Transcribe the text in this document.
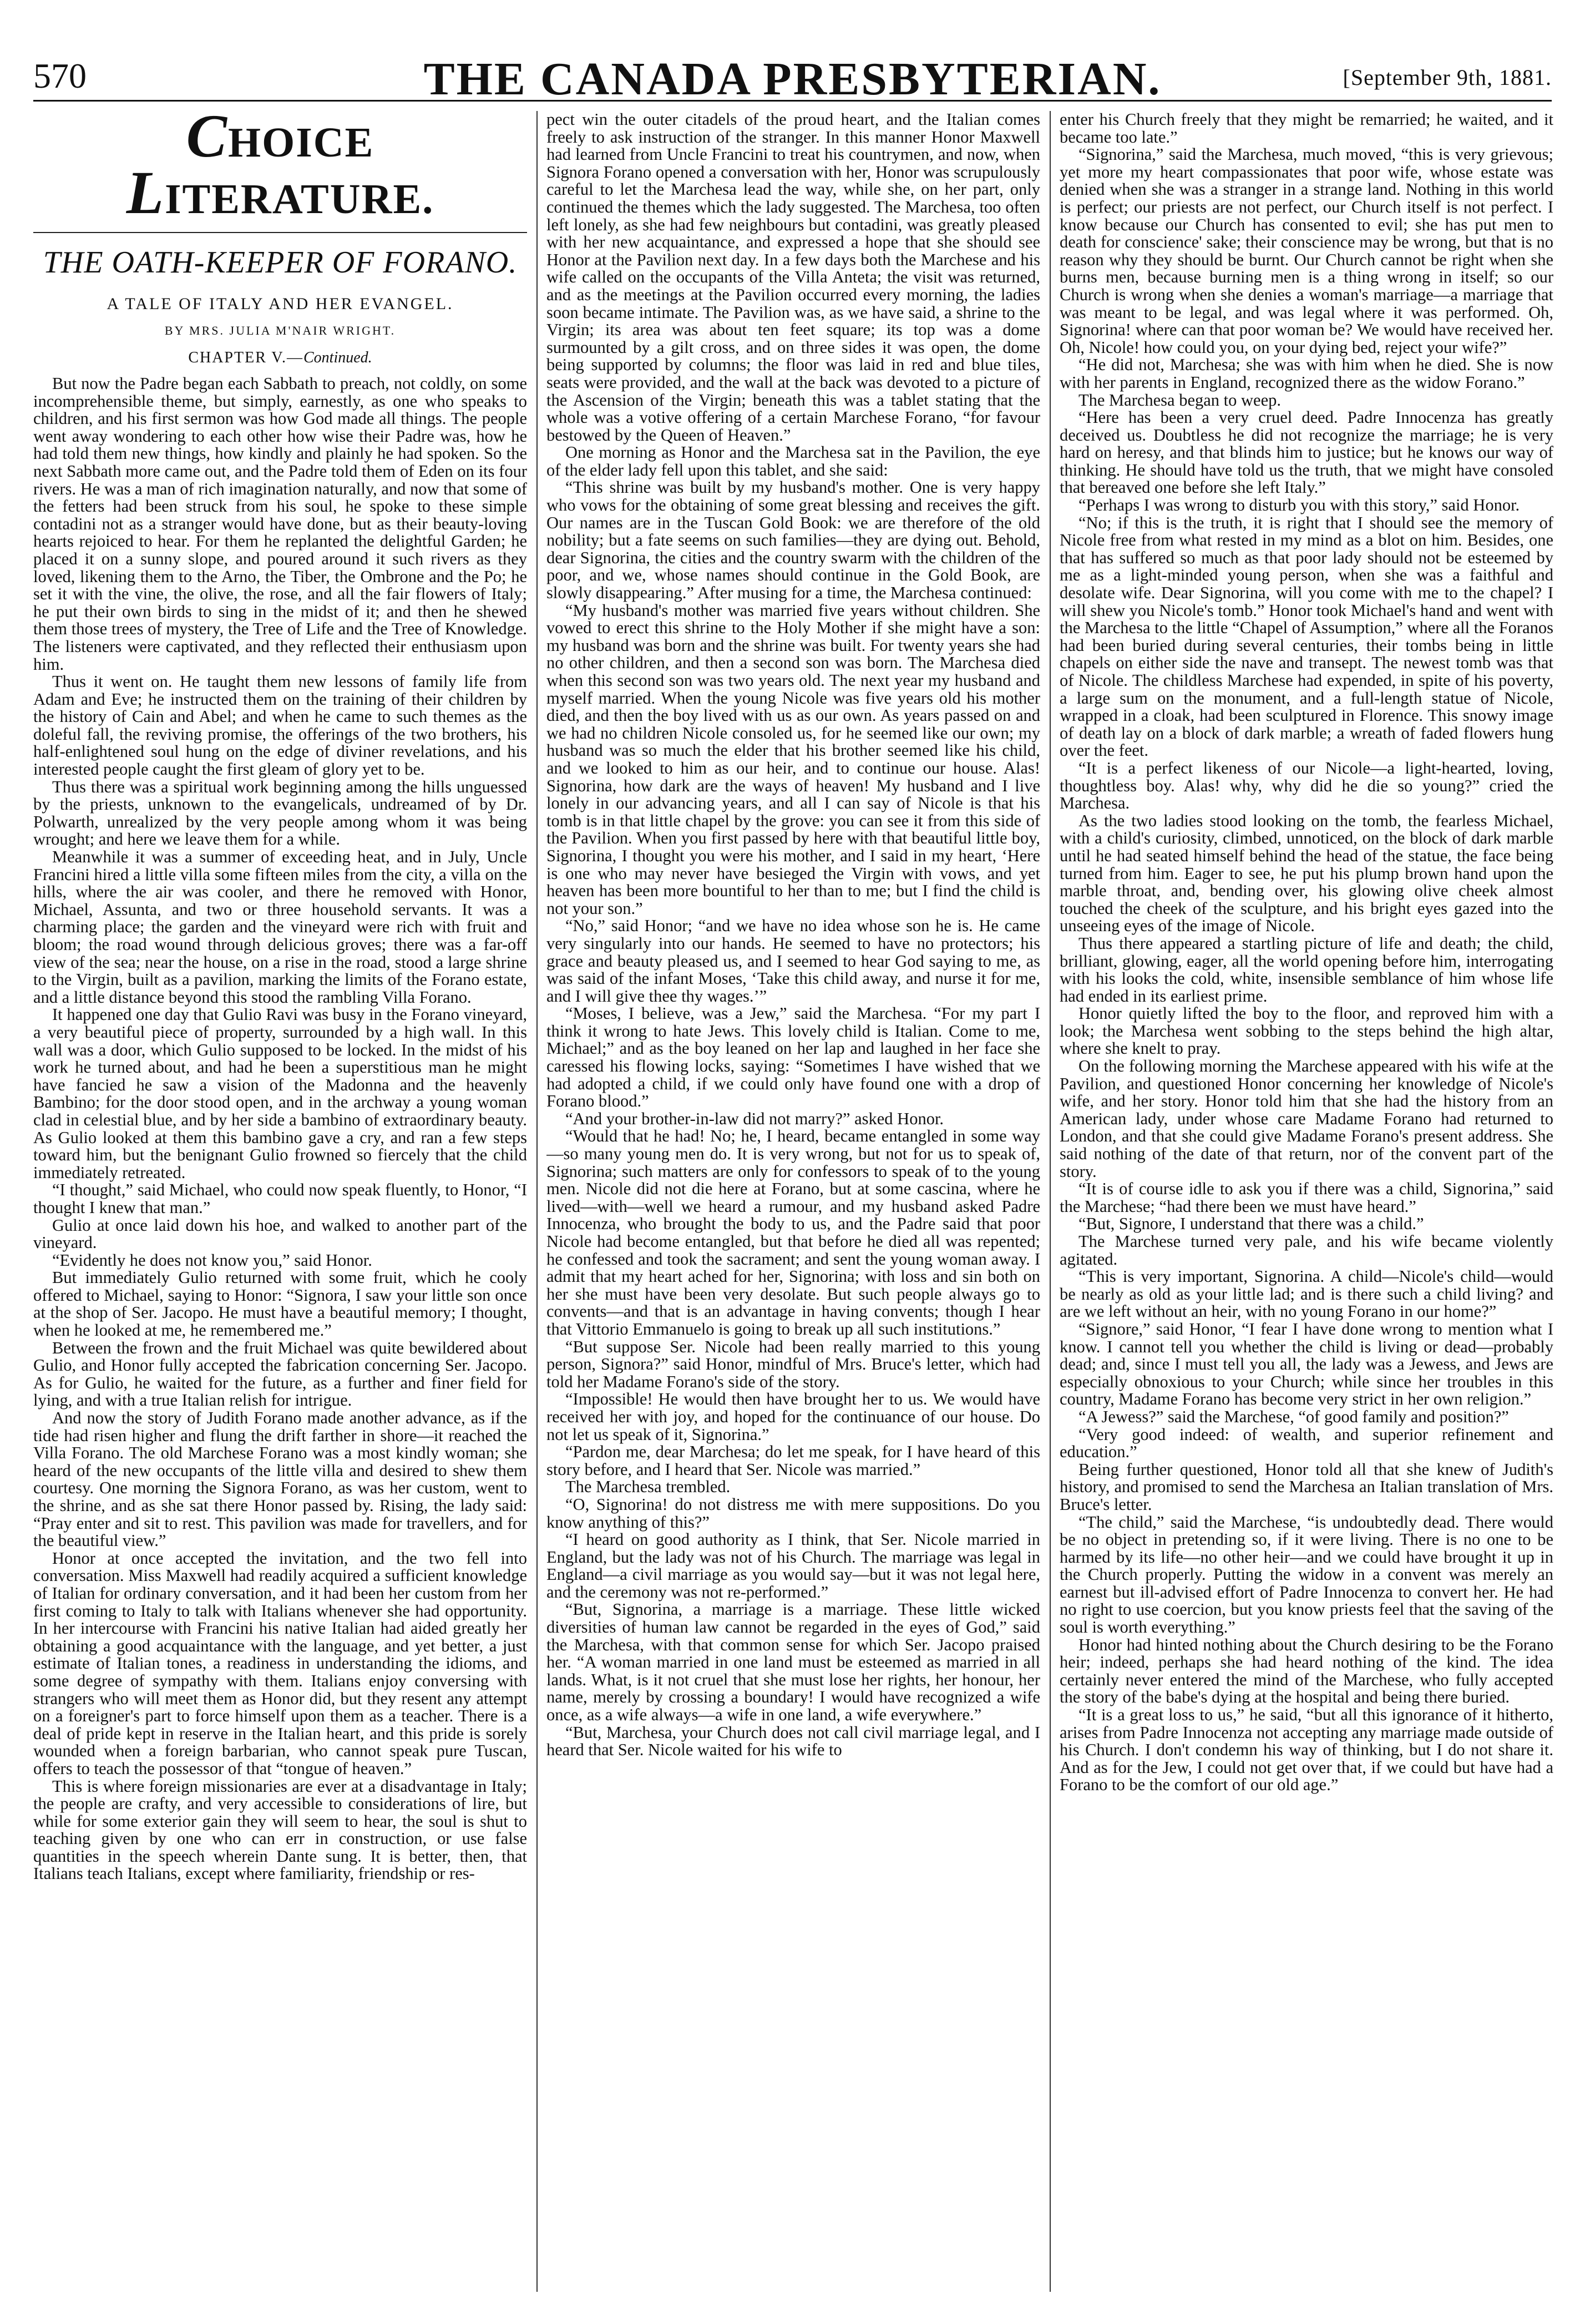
570	THE CANADA PRESBYTERIAN.	[September 9th, 1881.
CHOICE LITERATURE.
THE OATH-KEEPER OF FORANO.
A TALE OF ITALY AND HER EVANGEL.
BY MRS. JULIA M'NAIR WRIGHT.
CHAPTER V.—Continued.

But now the Padre began each Sabbath to preach, not coldly, on some incomprehensible theme, but simply, earnestly, as one who speaks to children, and his first sermon was how God made all things. The people went away wondering to each other how wise their Padre was, how he had told them new things, how kindly and plainly he had spoken. So the next Sabbath more came out, and the Padre told them of Eden on its four rivers. He was a man of rich imagination naturally, and now that some of the fetters had been struck from his soul, he spoke to these simple contadini not as a stranger would have done, but as their beauty-loving hearts rejoiced to hear. For them he replanted the delightful Garden; he placed it on a sunny slope, and poured around it such rivers as they loved, likening them to the Arno, the Tiber, the Ombrone and the Po; he set it with the vine, the olive, the rose, and all the fair flowers of Italy; he put their own birds to sing in the midst of it; and then he shewed them those trees of mystery, the Tree of Life and the Tree of Knowledge. The listeners were captivated, and they reflected their enthusiasm upon him.

Thus it went on. He taught them new lessons of family life from Adam and Eve; he instructed them on the training of their children by the history of Cain and Abel; and when he came to such themes as the doleful fall, the reviving promise, the offerings of the two brothers, his half-enlightened soul hung on the edge of diviner revelations, and his interested people caught the first gleam of glory yet to be.

Thus there was a spiritual work beginning among the hills unguessed by the priests, unknown to the evangelicals, undreamed of by Dr. Polwarth, unrealized by the very people among whom it was being wrought; and here we leave them for a while.

Meanwhile it was a summer of exceeding heat, and in July, Uncle Francini hired a little villa some fifteen miles from the city, a villa on the hills, where the air was cooler, and there he removed with Honor, Michael, Assunta, and two or three household servants. It was a charming place; the garden and the vineyard were rich with fruit and bloom; the road wound through delicious groves; there was a far-off view of the sea; near the house, on a rise in the road, stood a large shrine to the Virgin, built as a pavilion, marking the limits of the Forano estate, and a little distance beyond this stood the rambling Villa Forano.

It happened one day that Gulio Ravi was busy in the Forano vineyard, a very beautiful piece of property, surrounded by a high wall. In this wall was a door, which Gulio supposed to be locked. In the midst of his work he turned about, and had he been a superstitious man he might have fancied he saw a vision of the Madonna and the heavenly Bambino; for the door stood open, and in the archway a young woman clad in celestial blue, and by her side a bambino of extraordinary beauty. As Gulio looked at them this bambino gave a cry, and ran a few steps toward him, but the benignant Gulio frowned so fiercely that the child immediately retreated.

“I thought,” said Michael, who could now speak fluently, to Honor, “I thought I knew that man.”

Gulio at once laid down his hoe, and walked to another part of the vineyard.

“Evidently he does not know you,” said Honor.

But immediately Gulio returned with some fruit, which he cooly offered to Michael, saying to Honor: “Signora, I saw your little son once at the shop of Ser. Jacopo. He must have a beautiful memory; I thought, when he looked at me, he remembered me.”

Between the frown and the fruit Michael was quite bewildered about Gulio, and Honor fully accepted the fabrication concerning Ser. Jacopo. As for Gulio, he waited for the future, as a further and finer field for lying, and with a true Italian relish for intrigue.

And now the story of Judith Forano made another advance, as if the tide had risen higher and flung the drift farther in shore—it reached the Villa Forano. The old Marchese Forano was a most kindly woman; she heard of the new occupants of the little villa and desired to shew them courtesy. One morning the Signora Forano, as was her custom, went to the shrine, and as she sat there Honor passed by. Rising, the lady said: “Pray enter and sit to rest. This pavilion was made for travellers, and for the beautiful view.”

Honor at once accepted the invitation, and the two fell into conversation. Miss Maxwell had readily acquired a sufficient knowledge of Italian for ordinary conversation, and it had been her custom from her first coming to Italy to talk with Italians whenever she had opportunity. In her intercourse with Francini his native Italian had aided greatly her obtaining a good acquaintance with the language, and yet better, a just estimate of Italian tones, a readiness in understanding the idioms, and some degree of sympathy with them. Italians enjoy conversing with strangers who will meet them as Honor did, but they resent any attempt on a foreigner's part to force himself upon them as a teacher. There is a deal of pride kept in reserve in the Italian heart, and this pride is sorely wounded when a foreign barbarian, who cannot speak pure Tuscan, offers to teach the possessor of that “tongue of heaven.”

This is where foreign missionaries are ever at a disadvantage in Italy; the people are crafty, and very accessible to considerations of lire, but while for some exterior gain they will seem to hear, the soul is shut to teaching given by one who can err in construction, or use false quantities in the speech wherein Dante sung. It is better, then, that Italians teach Italians, except where familiarity, friendship or res-

pect win the outer citadels of the proud heart, and the Italian comes freely to ask instruction of the stranger. In this manner Honor Maxwell had learned from Uncle Francini to treat his countrymen, and now, when Signora Forano opened a conversation with her, Honor was scrupulously careful to let the Marchesa lead the way, while she, on her part, only continued the themes which the lady suggested. The Marchesa, too often left lonely, as she had few neighbours but contadini, was greatly pleased with her new acquaintance, and expressed a hope that she should see Honor at the Pavilion next day. In a few days both the Marchese and his wife called on the occupants of the Villa Anteta; the visit was returned, and as the meetings at the Pavilion occurred every morning, the ladies soon became intimate. The Pavilion was, as we have said, a shrine to the Virgin; its area was about ten feet square; its top was a dome surmounted by a gilt cross, and on three sides it was open, the dome being supported by columns; the floor was laid in red and blue tiles, seats were provided, and the wall at the back was devoted to a picture of the Ascension of the Virgin; beneath this was a tablet stating that the whole was a votive offering of a certain Marchese Forano, “for favour bestowed by the Queen of Heaven.”

One morning as Honor and the Marchesa sat in the Pavilion, the eye of the elder lady fell upon this tablet, and she said:

“This shrine was built by my husband's mother. One is very happy who vows for the obtaining of some great blessing and receives the gift. Our names are in the Tuscan Gold Book: we are therefore of the old nobility; but a fate seems on such families—they are dying out. Behold, dear Signorina, the cities and the country swarm with the children of the poor, and we, whose names should continue in the Gold Book, are slowly disappearing.” After musing for a time, the Marchesa continued:

“My husband's mother was married five years without children. She vowed to erect this shrine to the Holy Mother if she might have a son: my husband was born and the shrine was built. For twenty years she had no other children, and then a second son was born. The Marchesa died when this second son was two years old. The next year my husband and myself married. When the young Nicole was five years old his mother died, and then the boy lived with us as our own. As years passed on and we had no children Nicole consoled us, for he seemed like our own; my husband was so much the elder that his brother seemed like his child, and we looked to him as our heir, and to continue our house. Alas! Signorina, how dark are the ways of heaven! My husband and I live lonely in our advancing years, and all I can say of Nicole is that his tomb is in that little chapel by the grove: you can see it from this side of the Pavilion. When you first passed by here with that beautiful little boy, Signorina, I thought you were his mother, and I said in my heart, ‘Here is one who may never have besieged the Virgin with vows, and yet heaven has been more bountiful to her than to me; but I find the child is not your son.”

“No,” said Honor; “and we have no idea whose son he is. He came very singularly into our hands. He seemed to have no protectors; his grace and beauty pleased us, and I seemed to hear God saying to me, as was said of the infant Moses, ‘Take this child away, and nurse it for me, and I will give thee thy wages.’”

“Moses, I believe, was a Jew,” said the Marchesa. “For my part I think it wrong to hate Jews. This lovely child is Italian. Come to me, Michael;” and as the boy leaned on her lap and laughed in her face she caressed his flowing locks, saying: “Sometimes I have wished that we had adopted a child, if we could only have found one with a drop of Forano blood.”

“And your brother-in-law did not marry?” asked Honor.

“Would that he had! No; he, I heard, became entangled in some way—so many young men do. It is very wrong, but not for us to speak of, Signorina; such matters are only for confessors to speak of to the young men. Nicole did not die here at Forano, but at some cascina, where he lived—with—well we heard a rumour, and my husband asked Padre Innocenza, who brought the body to us, and the Padre said that poor Nicole had become entangled, but that before he died all was repented; he confessed and took the sacrament; and sent the young woman away. I admit that my heart ached for her, Signorina; with loss and sin both on her she must have been very desolate. But such people always go to convents—and that is an advantage in having convents; though I hear that Vittorio Emmanuelo is going to break up all such institutions.”

“But suppose Ser. Nicole had been really married to this young person, Signora?” said Honor, mindful of Mrs. Bruce's letter, which had told her Madame Forano's side of the story.

“Impossible! He would then have brought her to us. We would have received her with joy, and hoped for the continuance of our house. Do not let us speak of it, Signorina.”

“Pardon me, dear Marchesa; do let me speak, for I have heard of this story before, and I heard that Ser. Nicole was married.”

The Marchesa trembled.

“O, Signorina! do not distress me with mere suppositions. Do you know anything of this?”

“I heard on good authority as I think, that Ser. Nicole married in England, but the lady was not of his Church. The marriage was legal in England—a civil marriage as you would say—but it was not legal here, and the ceremony was not re-performed.”

“But, Signorina, a marriage is a marriage. These little wicked diversities of human law cannot be regarded in the eyes of God,” said the Marchesa, with that common sense for which Ser. Jacopo praised her. “A woman married in one land must be esteemed as married in all lands. What, is it not cruel that she must lose her rights, her honour, her name, merely by crossing a boundary! I would have recognized a wife once, as a wife always—a wife in one land, a wife everywhere.”

“But, Marchesa, your Church does not call civil marriage legal, and I heard that Ser. Nicole waited for his wife to

enter his Church freely that they might be remarried; he waited, and it became too late.”

“Signorina,” said the Marchesa, much moved, “this is very grievous; yet more my heart compassionates that poor wife, whose estate was denied when she was a stranger in a strange land. Nothing in this world is perfect; our priests are not perfect, our Church itself is not perfect. I know because our Church has consented to evil; she has put men to death for conscience' sake; their conscience may be wrong, but that is no reason why they should be burnt. Our Church cannot be right when she burns men, because burning men is a thing wrong in itself; so our Church is wrong when she denies a woman's marriage—a marriage that was meant to be legal, and was legal where it was performed. Oh, Signorina! where can that poor woman be? We would have received her. Oh, Nicole! how could you, on your dying bed, reject your wife?”

“He did not, Marchesa; she was with him when he died. She is now with her parents in England, recognized there as the widow Forano.”

The Marchesa began to weep.

“Here has been a very cruel deed. Padre Innocenza has greatly deceived us. Doubtless he did not recognize the marriage; he is very hard on heresy, and that blinds him to justice; but he knows our way of thinking. He should have told us the truth, that we might have consoled that bereaved one before she left Italy.”

“Perhaps I was wrong to disturb you with this story,” said Honor.

“No; if this is the truth, it is right that I should see the memory of Nicole free from what rested in my mind as a blot on him. Besides, one that has suffered so much as that poor lady should not be esteemed by me as a light-minded young person, when she was a faithful and desolate wife. Dear Signorina, will you come with me to the chapel? I will shew you Nicole's tomb.” Honor took Michael's hand and went with the Marchesa to the little “Chapel of Assumption,” where all the Foranos had been buried during several centuries, their tombs being in little chapels on either side the nave and transept. The newest tomb was that of Nicole. The childless Marchese had expended, in spite of his poverty, a large sum on the monument, and a full-length statue of Nicole, wrapped in a cloak, had been sculptured in Florence. This snowy image of death lay on a block of dark marble; a wreath of faded flowers hung over the feet.

“It is a perfect likeness of our Nicole—a light-hearted, loving, thoughtless boy. Alas! why, why did he die so young?” cried the Marchesa.

As the two ladies stood looking on the tomb, the fearless Michael, with a child's curiosity, climbed, unnoticed, on the block of dark marble until he had seated himself behind the head of the statue, the face being turned from him. Eager to see, he put his plump brown hand upon the marble throat, and, bending over, his glowing olive cheek almost touched the cheek of the sculpture, and his bright eyes gazed into the unseeing eyes of the image of Nicole.

Thus there appeared a startling picture of life and death; the child, brilliant, glowing, eager, all the world opening before him, interrogating with his looks the cold, white, insensible semblance of him whose life had ended in its earliest prime.

Honor quietly lifted the boy to the floor, and reproved him with a look; the Marchesa went sobbing to the steps behind the high altar, where she knelt to pray.

On the following morning the Marchese appeared with his wife at the Pavilion, and questioned Honor concerning her knowledge of Nicole's wife, and her story. Honor told him that she had the history from an American lady, under whose care Madame Forano had returned to London, and that she could give Madame Forano's present address. She said nothing of the date of that return, nor of the convent part of the story.

“It is of course idle to ask you if there was a child, Signorina,” said the Marchese; “had there been we must have heard.”

“But, Signore, I understand that there was a child.”

The Marchese turned very pale, and his wife became violently agitated.

“This is very important, Signorina. A child—Nicole's child—would be nearly as old as your little lad; and is there such a child living? and are we left without an heir, with no young Forano in our home?”

“Signore,” said Honor, “I fear I have done wrong to mention what I know. I cannot tell you whether the child is living or dead—probably dead; and, since I must tell you all, the lady was a Jewess, and Jews are especially obnoxious to your Church; while since her troubles in this country, Madame Forano has become very strict in her own religion.”

“A Jewess?” said the Marchese, “of good family and position?”

“Very good indeed: of wealth, and superior refinement and education.”

Being further questioned, Honor told all that she knew of Judith's history, and promised to send the Marchesa an Italian translation of Mrs. Bruce's letter.

“The child,” said the Marchese, “is undoubtedly dead. There would be no object in pretending so, if it were living. There is no one to be harmed by its life—no other heir—and we could have brought it up in the Church properly. Putting the widow in a convent was merely an earnest but ill-advised effort of Padre Innocenza to convert her. He had no right to use coercion, but you know priests feel that the saving of the soul is worth everything.”

Honor had hinted nothing about the Church desiring to be the Forano heir; indeed, perhaps she had heard nothing of the kind. The idea certainly never entered the mind of the Marchese, who fully accepted the story of the babe's dying at the hospital and being there buried.

“It is a great loss to us,” he said, “but all this ignorance of it hitherto, arises from Padre Innocenza not accepting any marriage made outside of his Church. I don't condemn his way of thinking, but I do not share it. And as for the Jew, I could not get over that, if we could but have had a Forano to be the comfort of our old age.”
